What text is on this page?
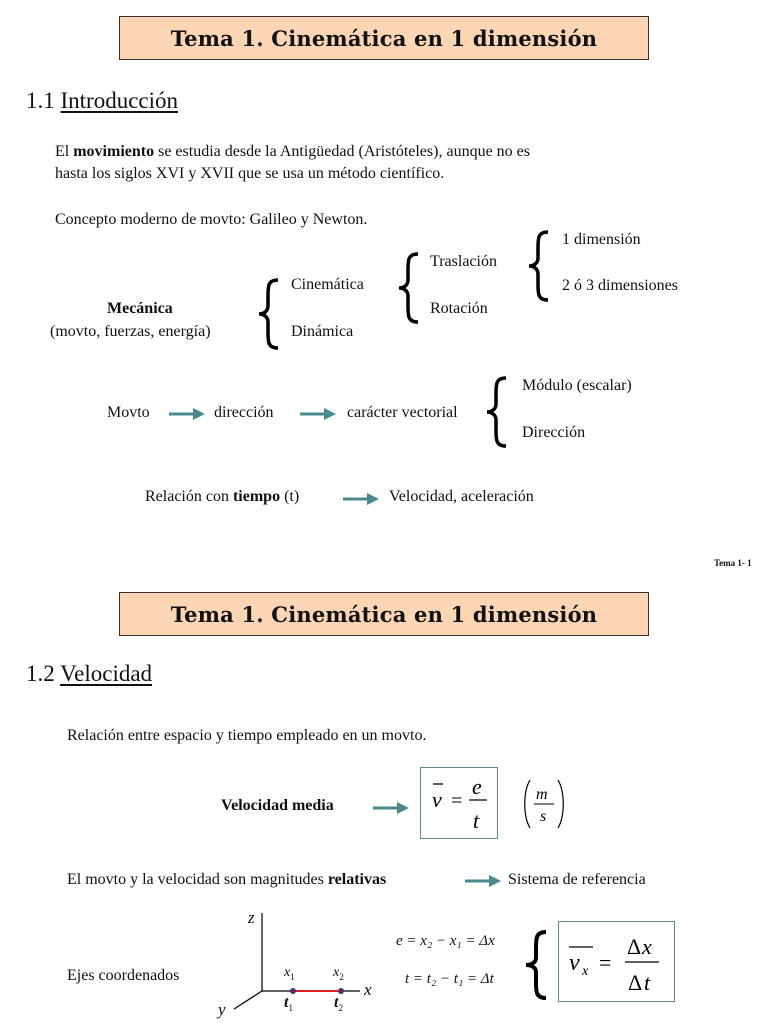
Tema 1. Cinemática en 1 dimensión
1.1 Introducción
El movimiento se estudia desde la Antigüedad (Aristóteles), aunque no es
hasta los siglos XVI y XVII que se usa un método científico.
Concepto moderno de movto: Galileo y Newton.
Mecánica
(movto, fuerzas, energía)
Cinemática
Dinámica
Traslación
Rotación
1 dimensión
2 ó 3 dimensiones
Movto	dirección	carácter vectorial
Módulo (escalar)
Dirección
Relación con tiempo (t)	Velocidad, aceleración
Tema 1- 1
Tema 1. Cinemática en 1 dimensión
1.2 Velocidad
Relación entre espacio y tiempo empleado en un movto.
Velocidad media	v =
e
t
m
s
El movto y la velocidad son magnitudes relativas	Sistema de referencia
Ejes coordenados
z
y
x
$x_1$	$x_2$
$t_1$	$t_2$
e = x₂ − x₁ = Δx
t = t₂ − t₁ = Δt
v x =
Δ x
Δ t
